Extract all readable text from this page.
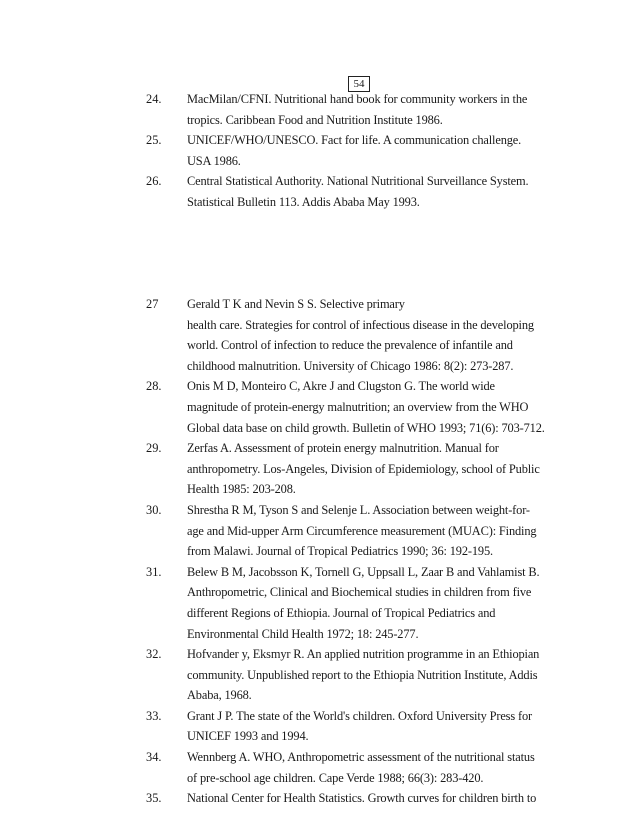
54
24. MacMilan/CFNI. Nutritional hand book for community workers in the
tropics. Caribbean Food and Nutrition Institute 1986.
25. UNICEF/WHO/UNESCO. Fact for life. A communication challenge.
USA 1986.
26. Central Statistical Authority. National Nutritional Surveillance System.
Statistical Bulletin 113. Addis Ababa May 1993.
27 Gerald T K and Nevin S S. Selective primary
health care. Strategies for control of infectious disease in the developing
world. Control of infection to reduce the prevalence of infantile and
childhood malnutrition. University of Chicago 1986: 8(2): 273-287.
28. Onis M D, Monteiro C, Akre J and Clugston G. The world wide
magnitude of protein-energy malnutrition; an overview from the WHO
Global data base on child growth. Bulletin of WHO 1993; 71(6): 703-712.
29. Zerfas A. Assessment of protein energy malnutrition. Manual for
anthropometry. Los-Angeles, Division of Epidemiology, school of Public
Health 1985: 203-208.
30. Shrestha R M, Tyson S and Selenje L. Association between weight-for-
age and Mid-upper Arm Circumference measurement (MUAC): Finding
from Malawi. Journal of Tropical Pediatrics 1990; 36: 192-195.
31. Belew B M, Jacobsson K, Tornell G, Uppsall L, Zaar B and Vahlamist B.
Anthropometric, Clinical and Biochemical studies in children from five
different Regions of Ethiopia. Journal of Tropical Pediatrics and
Environmental Child Health 1972; 18: 245-277.
32. Hofvander y, Eksmyr R. An applied nutrition programme in an Ethiopian
community. Unpublished report to the Ethiopia Nutrition Institute, Addis
Ababa, 1968.
33. Grant J P. The state of the World's children. Oxford University Press for
UNICEF 1993 and 1994.
34. Wennberg A. WHO, Anthropometric assessment of the nutritional status
of pre-school age children. Cape Verde 1988; 66(3): 283-420.
35. National Center for Health Statistics. Growth curves for children birth to
